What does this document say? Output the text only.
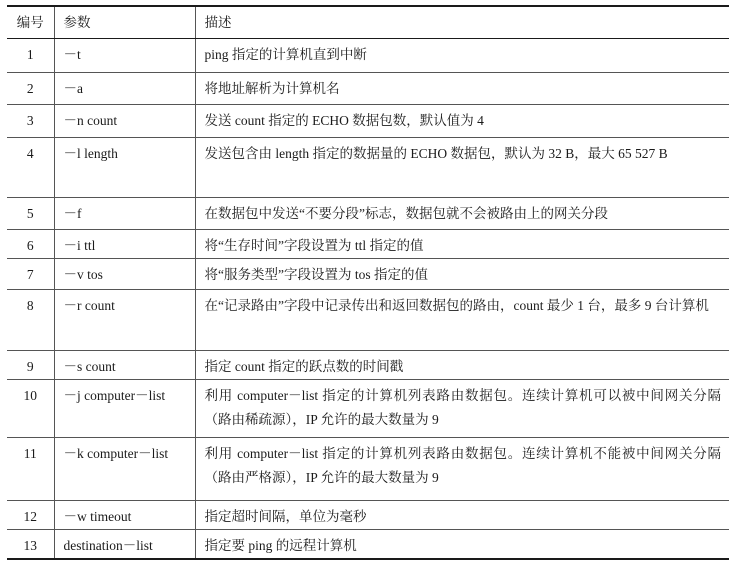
编号	参数	描述
1	－t	ping 指定的计算机直到中断
2	－a	将地址解析为计算机名
3	－n count	发送 count 指定的 ECHO 数据包数，默认值为 4
4	－l length	发送包含由 length 指定的数据量的 ECHO 数据包，默认为 32 B，最大 65 527 B
5	－f	在数据包中发送“不要分段”标志，数据包就不会被路由上的网关分段
6	－i ttl	将“生存时间”字段设置为 ttl 指定的值
7	－v tos	将“服务类型”字段设置为 tos 指定的值
8	－r count	在“记录路由”字段中记录传出和返回数据包的路由，count 最少 1 台，最多 9 台计算机
9	－s count	指定 count 指定的跃点数的时间戳
10	－j computer－list	利用 computer－list 指定的计算机列表路由数据包。连续计算机可以被中间网关分隔（路由稀疏源），IP 允许的最大数量为 9
11	－k computer－list	利用 computer－list 指定的计算机列表路由数据包。连续计算机不能被中间网关分隔（路由严格源），IP 允许的最大数量为 9
12	－w timeout	指定超时间隔，单位为毫秒
13	destination－list	指定要 ping 的远程计算机
